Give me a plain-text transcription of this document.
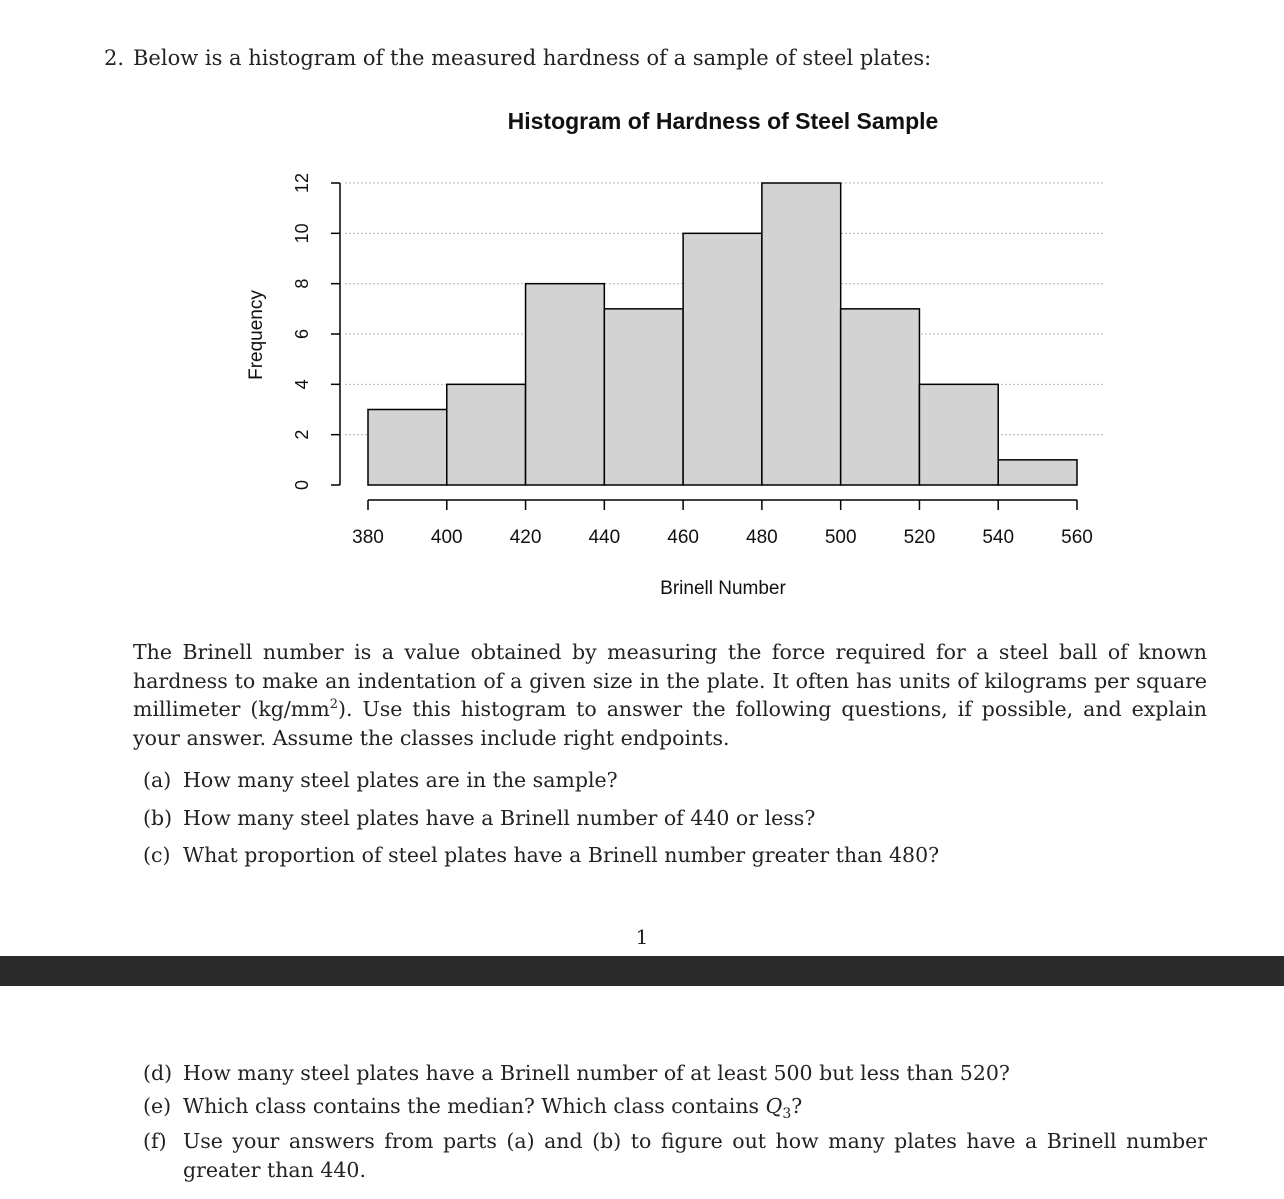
2. Below is a histogram of the measured hardness of a sample of steel plates:
0
2
4
6
8
10
12
380 400 420 440 460 480 500 520 540 560
Histogram of Hardness of Steel Sample
Brinell Number
Frequency
The Brinell number is a value obtained by measuring the force required for a steel ball of known hardness to make an indentation of a given size in the plate. It often has units of kilograms per square millimeter $(kg/mm^2)$. Use this histogram to answer the following questions, if possible, and explain your answer. Assume the classes include right endpoints.
(a) How many steel plates are in the sample?
(b) How many steel plates have a Brinell number of 440 or less?
(c) What proportion of steel plates have a Brinell number greater than 480?
1
(d) How many steel plates have a Brinell number of at least 500 but less than 520?
(e) Which class contains the median? Which class contains $Q_3$?
(f) Use your answers from parts (a) and (b) to figure out how many plates have a Brinell number greater than 440.
